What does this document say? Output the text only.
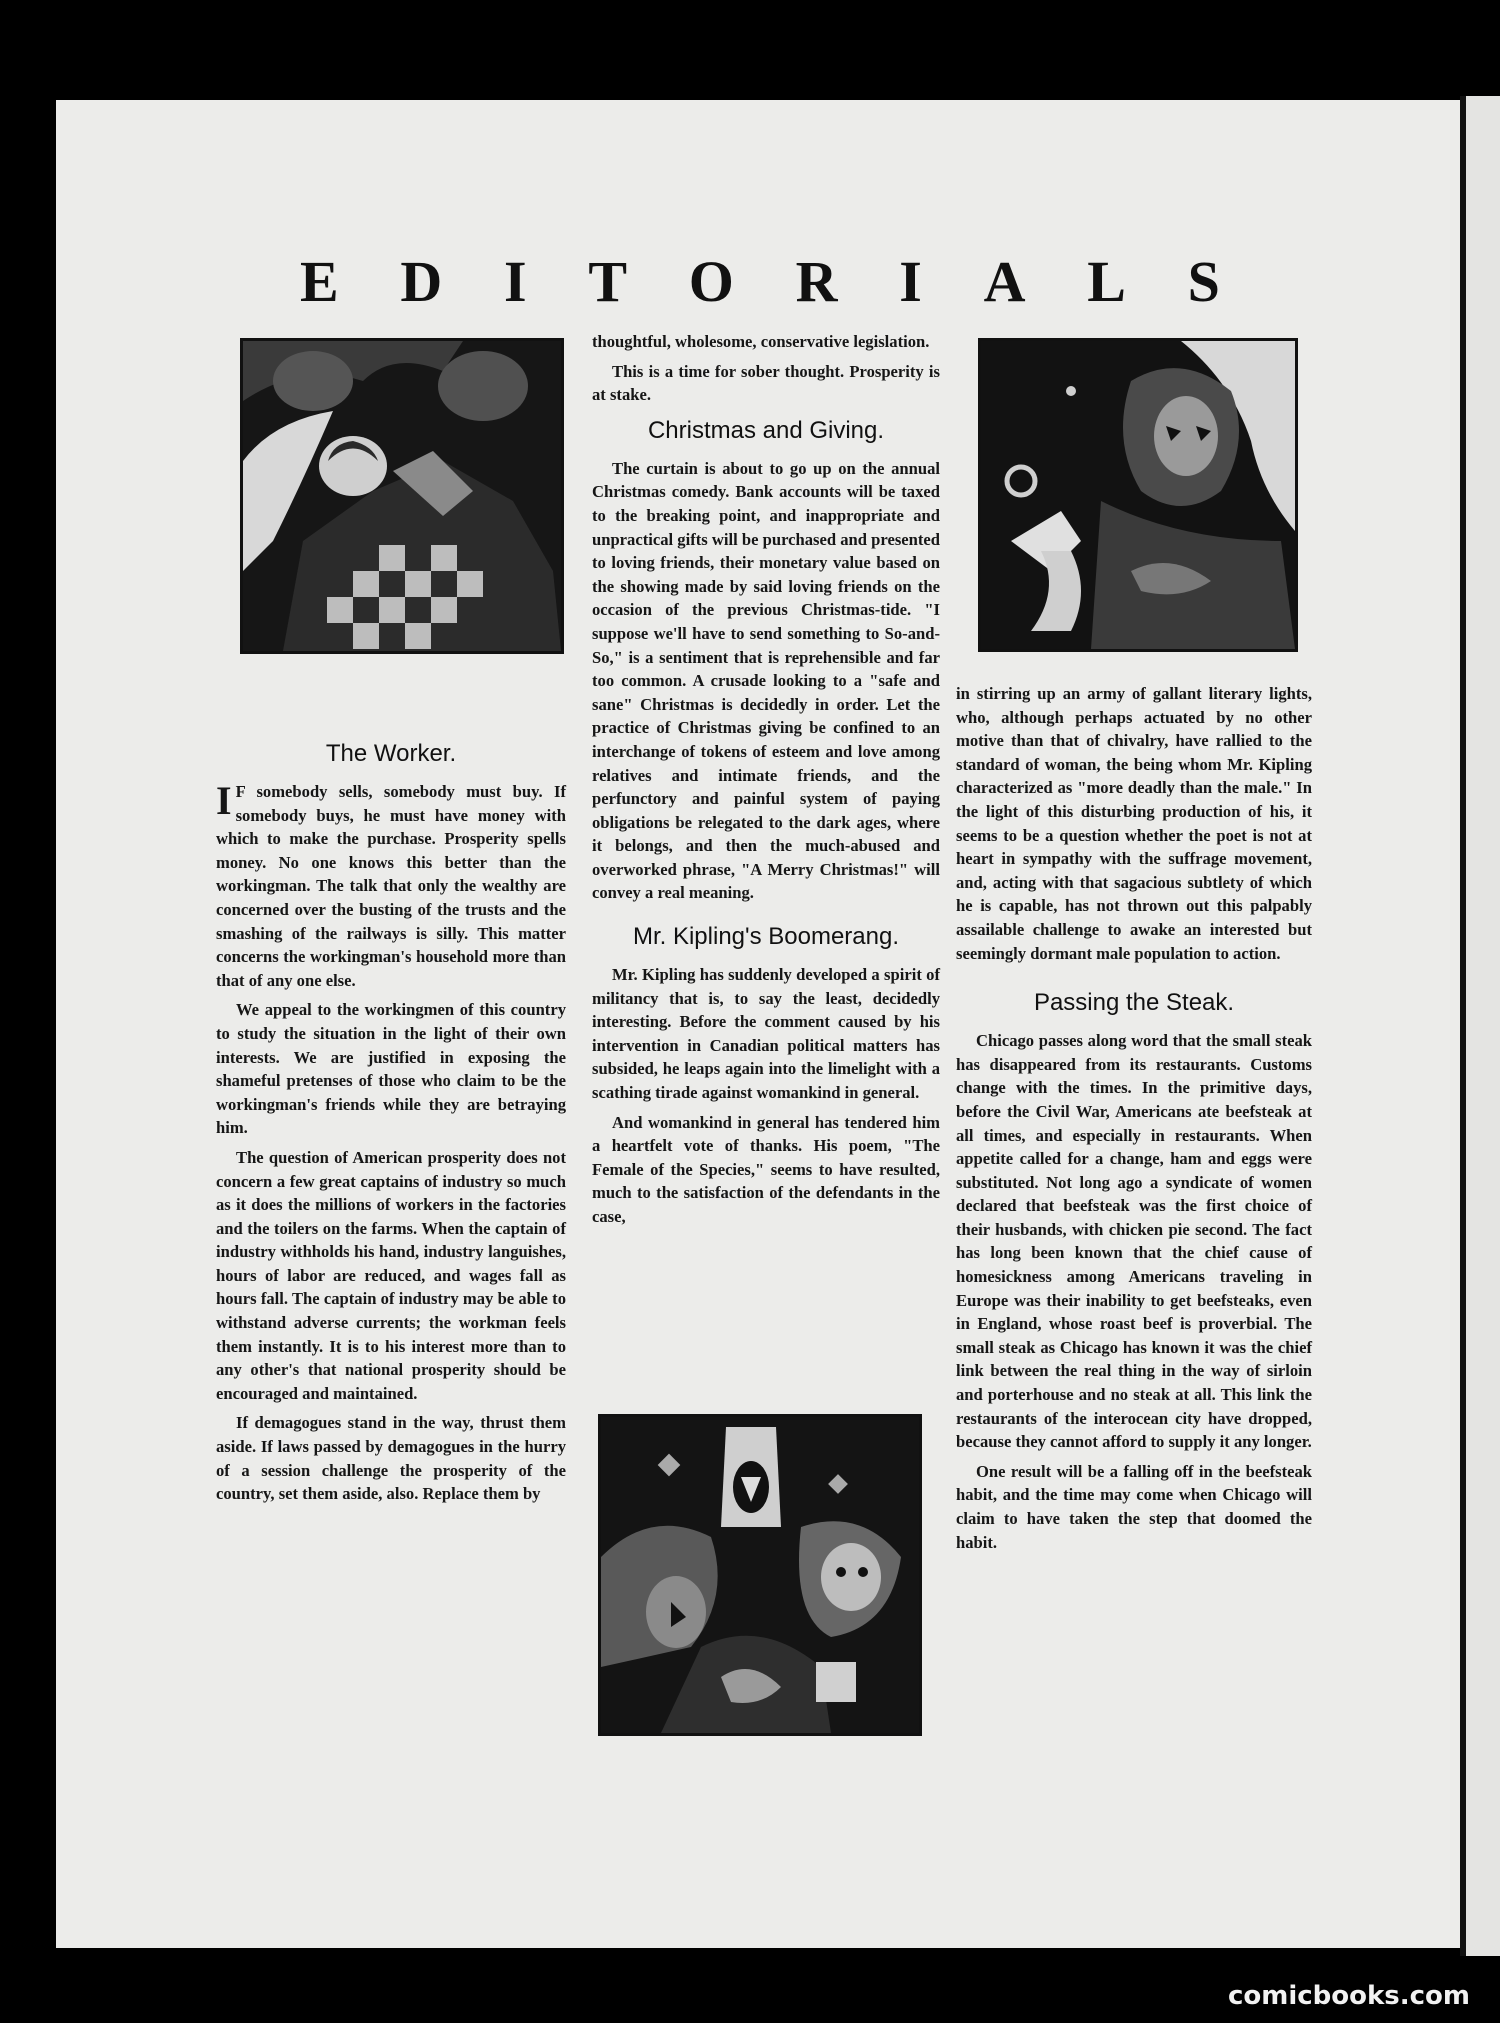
E D I T O R I A L S
The Worker.

I F somebody sells, somebody must buy. If somebody buys, he must have money with which to make the purchase. Prosperity spells money. No one knows this better than the workingman. The talk that only the wealthy are concerned over the busting of the trusts and the smashing of the railways is silly. This matter concerns the workingman's household more than that of any one else.

We appeal to the workingmen of this country to study the situation in the light of their own interests. We are justified in exposing the shameful pretenses of those who claim to be the workingman's friends while they are betraying him.

The question of American prosperity does not concern a few great captains of industry so much as it does the millions of workers in the factories and the toilers on the farms. When the captain of industry withholds his hand, industry languishes, hours of labor are reduced, and wages fall as hours fall. The captain of industry may be able to withstand adverse currents; the workman feels them instantly. It is to his interest more than to any other's that national prosperity should be encouraged and maintained.

If demagogues stand in the way, thrust them aside. If laws passed by demagogues in the hurry of a session challenge the prosperity of the country, set them aside, also. Replace them by

thoughtful, wholesome, conservative legislation.

This is a time for sober thought. Prosperity is at stake.

Christmas and Giving.

The curtain is about to go up on the annual Christmas comedy. Bank accounts will be taxed to the breaking point, and inappropriate and unpractical gifts will be purchased and presented to loving friends, their monetary value based on the showing made by said loving friends on the occasion of the previous Christmas-tide. "I suppose we'll have to send something to So-and-So," is a sentiment that is reprehensible and far too common. A crusade looking to a "safe and sane" Christmas is decidedly in order. Let the practice of Christmas giving be confined to an interchange of tokens of esteem and love among relatives and intimate friends, and the perfunctory and painful system of paying obligations be relegated to the dark ages, where it belongs, and then the much-abused and overworked phrase, "A Merry Christmas!" will convey a real meaning.

Mr. Kipling's Boomerang.

Mr. Kipling has suddenly developed a spirit of militancy that is, to say the least, decidedly interesting. Before the comment caused by his intervention in Canadian political matters has subsided, he leaps again into the limelight with a scathing tirade against womankind in general.

And womankind in general has tendered him a heartfelt vote of thanks. His poem, "The Female of the Species," seems to have resulted, much to the satisfaction of the defendants in the case,

in stirring up an army of gallant literary lights, who, although perhaps actuated by no other motive than that of chivalry, have rallied to the standard of woman, the being whom Mr. Kipling characterized as "more deadly than the male." In the light of this disturbing production of his, it seems to be a question whether the poet is not at heart in sympathy with the suffrage movement, and, acting with that sagacious subtlety of which he is capable, has not thrown out this palpably assailable challenge to awake an interested but seemingly dormant male population to action.

Passing the Steak.

Chicago passes along word that the small steak has disappeared from its restaurants. Customs change with the times. In the primitive days, before the Civil War, Americans ate beefsteak at all times, and especially in restaurants. When appetite called for a change, ham and eggs were substituted. Not long ago a syndicate of women declared that beefsteak was the first choice of their husbands, with chicken pie second. The fact has long been known that the chief cause of homesickness among Americans traveling in Europe was their inability to get beefsteaks, even in England, whose roast beef is proverbial. The small steak as Chicago has known it was the chief link between the real thing in the way of sirloin and porterhouse and no steak at all. This link the restaurants of the interocean city have dropped, because they cannot afford to supply it any longer.

One result will be a falling off in the beefsteak habit, and the time may come when Chicago will claim to have taken the step that doomed the habit.

comicbooks.com
